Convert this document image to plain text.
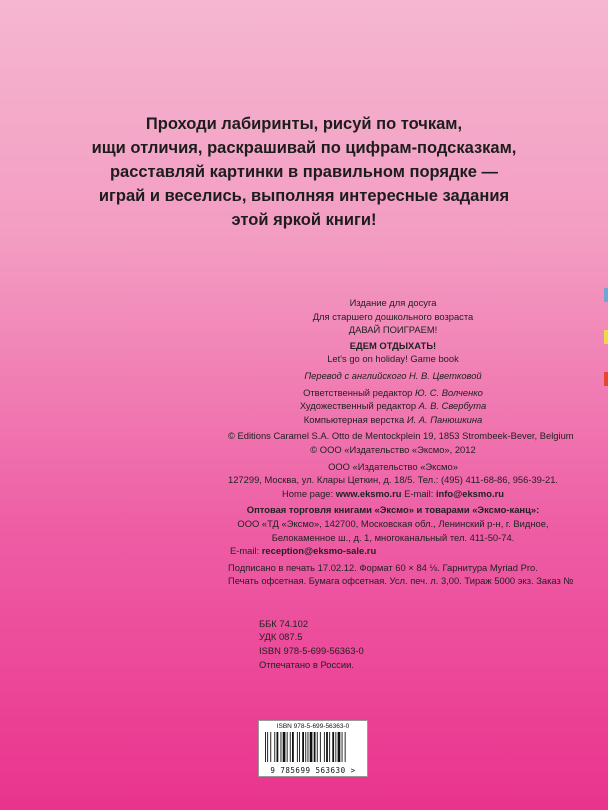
Проходи лабиринты, рисуй по точкам,
ищи отличия, раскрашивай по цифрам-подсказкам,
расставляй картинки в правильном порядке —
играй и веселись, выполняя интересные задания
этой яркой книги!
Издание для досуга
Для старшего дошкольного возраста
ДАВАЙ ПОИГРАЕМ!
ЕДЕМ ОТДЫХАТЬ!
Let's go on holiday! Game book
Перевод с английского Н. В. Цветковой
Ответственный редактор Ю. С. Волченко
Художественный редактор А. В. Свербута
Компьютерная верстка И. А. Панюшкина
© Editions Caramel S.A. Otto de Mentockplein 19, 1853 Strombeek-Bever, Belgium
© ООО «Издательство «Эксмо», 2012
ООО «Издательство «Эксмо»
127299, Москва, ул. Клары Цеткин, д. 18/5. Тел.: (495) 411-68-86, 956-39-21.
Home page: www.eksmo.ru E-mail: info@eksmo.ru
Оптовая торговля книгами «Эксмо» и товарами «Эксмо-канц»:
ООО «ТД «Эксмо», 142700, Московская обл., Ленинский р-н, г. Видное,
Белокаменное ш., д. 1, многоканальный тел. 411-50-74.
E-mail: reception@eksmo-sale.ru
Подписано в печать 17.02.12. Формат 60 × 84 ⅛. Гарнитура Myriad Pro.
Печать офсетная. Бумага офсетная. Усл. печ. л. 3,00. Тираж 5000 экз. Заказ №
ББК 74.102
УДК 087.5
ISBN 978-5-699-56363-0
Отпечатано в России.
ISBN 978-5-699-56363-0
9 785699 563630 >
